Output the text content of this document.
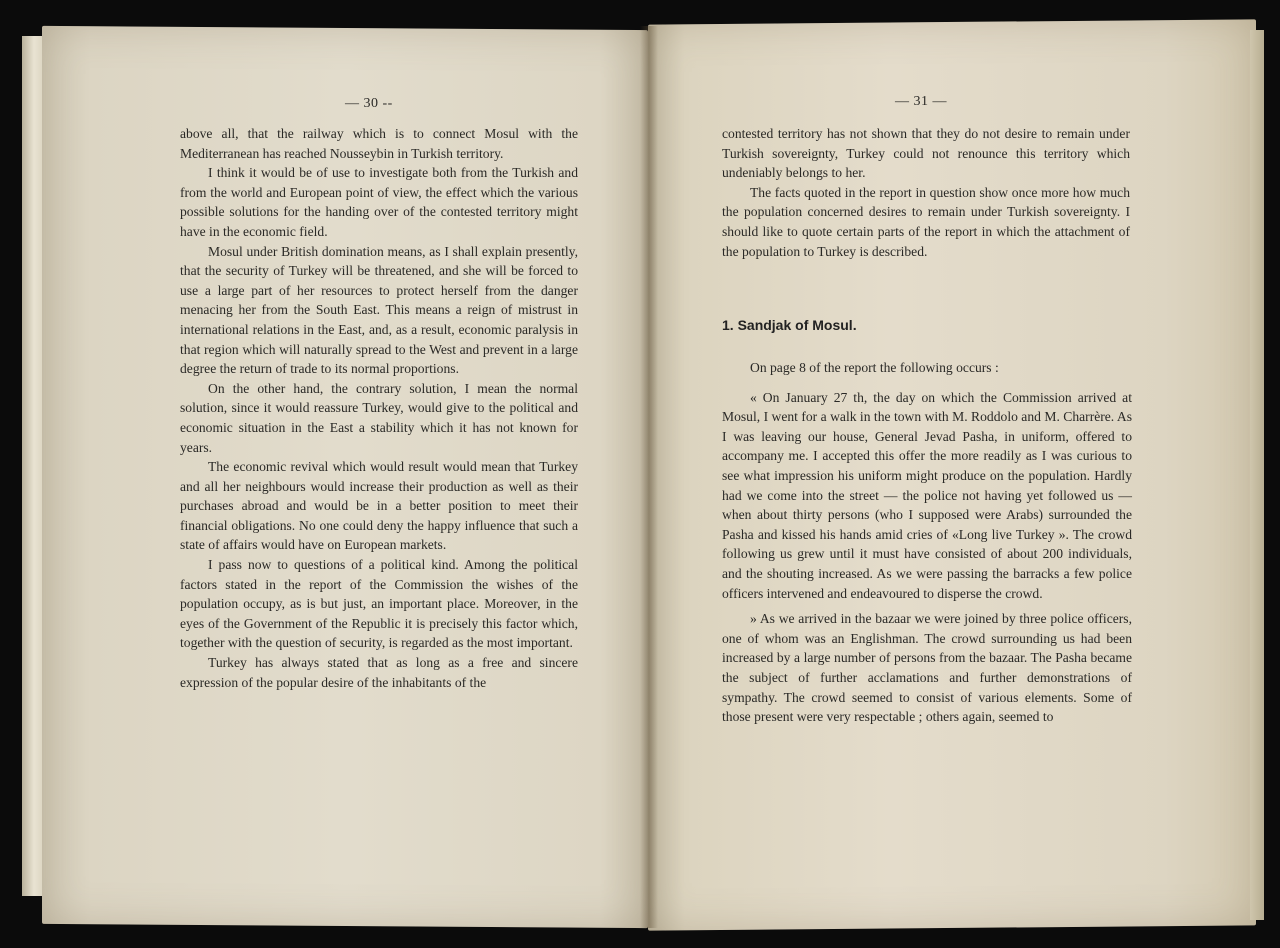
— 30 --

above all, that the railway which is to connect Mosul with the Mediterranean has reached Nousseybin in Turkish territory.

I think it would be of use to investigate both from the Turkish and from the world and European point of view, the effect which the various possible solutions for the handing over of the contested territory might have in the economic field.

Mosul under British domination means, as I shall explain presently, that the security of Turkey will be threatened, and she will be forced to use a large part of her resources to protect herself from the danger menacing her from the South East. This means a reign of mistrust in international relations in the East, and, as a result, economic paralysis in that region which will naturally spread to the West and prevent in a large degree the return of trade to its normal proportions.

On the other hand, the contrary solution, I mean the normal solution, since it would reassure Turkey, would give to the political and economic situation in the East a stability which it has not known for years.

The economic revival which would result would mean that Turkey and all her neighbours would increase their production as well as their purchases abroad and would be in a better position to meet their financial obligations. No one could deny the happy influence that such a state of affairs would have on European markets.

I pass now to questions of a political kind. Among the political factors stated in the report of the Commission the wishes of the population occupy, as is but just, an important place. Moreover, in the eyes of the Government of the Republic it is precisely this factor which, together with the question of security, is regarded as the most important.

Turkey has always stated that as long as a free and sincere expression of the popular desire of the inhabitants of the

— 31 —

contested territory has not shown that they do not desire to remain under Turkish sovereignty, Turkey could not renounce this territory which undeniably belongs to her.

The facts quoted in the report in question show once more how much the population concerned desires to remain under Turkish sovereignty. I should like to quote certain parts of the report in which the attachment of the population to Turkey is described.

1. Sandjak of Mosul.

On page 8 of the report the following occurs :

« On January 27 th, the day on which the Commission arrived at Mosul, I went for a walk in the town with M. Roddolo and M. Charrère. As I was leaving our house, General Jevad Pasha, in uniform, offered to accompany me. I accepted this offer the more readily as I was curious to see what impression his uniform might produce on the population. Hardly had we come into the street — the police not having yet followed us — when about thirty persons (who I supposed were Arabs) surrounded the Pasha and kissed his hands amid cries of «Long live Turkey ». The crowd following us grew until it must have consisted of about 200 individuals, and the shouting increased. As we were passing the barracks a few police officers intervened and endeavoured to disperse the crowd.

» As we arrived in the bazaar we were joined by three police officers, one of whom was an Englishman. The crowd surrounding us had been increased by a large number of persons from the bazaar. The Pasha became the subject of further acclamations and further demonstrations of sympathy. The crowd seemed to consist of various elements. Some of those present were very respectable ; others again, seemed to
